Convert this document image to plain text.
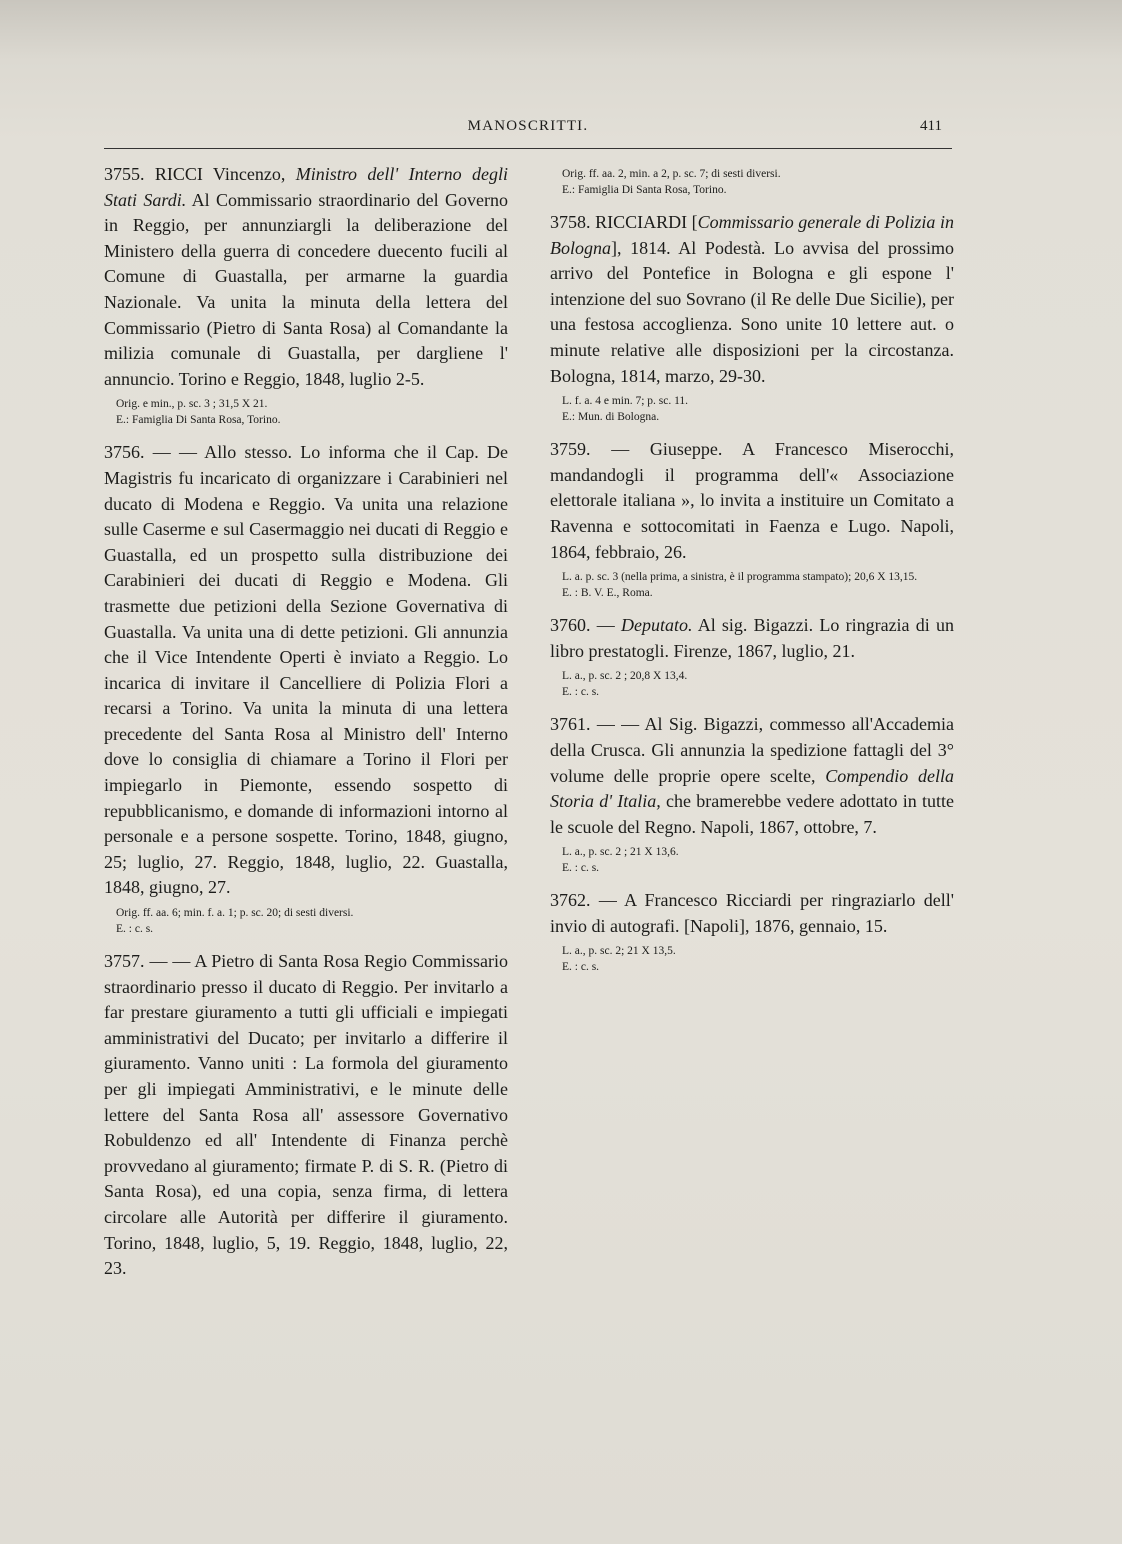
MANOSCRITTI.	411

3755. RICCI Vincenzo, Ministro dell' Interno degli Stati Sardi. Al Commissario straordinario del Governo in Reggio, per annunziargli la deliberazione del Ministero della guerra di concedere duecento fucili al Comune di Guastalla, per armarne la guardia Nazionale. Va unita la minuta della lettera del Commissario (Pietro di Santa Rosa) al Comandante la milizia comunale di Guastalla, per dargliene l' annuncio. Torino e Reggio, 1848, luglio 2-5.

Orig. e min., p. sc. 3 ; 31,5 X 21.
E.: Famiglia Di Santa Rosa, Torino.

3756. — — Allo stesso. Lo informa che il Cap. De Magistris fu incaricato di organizzare i Carabinieri nel ducato di Modena e Reggio. Va unita una relazione sulle Caserme e sul Casermaggio nei ducati di Reggio e Guastalla, ed un prospetto sulla distribuzione dei Carabinieri dei ducati di Reggio e Modena. Gli trasmette due petizioni della Sezione Governativa di Guastalla. Va unita una di dette petizioni. Gli annunzia che il Vice Intendente Operti è inviato a Reggio. Lo incarica di invitare il Cancelliere di Polizia Flori a recarsi a Torino. Va unita la minuta di una lettera precedente del Santa Rosa al Ministro dell' Interno dove lo consiglia di chiamare a Torino il Flori per impiegarlo in Piemonte, essendo sospetto di repubblicanismo, e domande di informazioni intorno al personale e a persone sospette. Torino, 1848, giugno, 25; luglio, 27. Reggio, 1848, luglio, 22. Guastalla, 1848, giugno, 27.

Orig. ff. aa. 6; min. f. a. 1; p. sc. 20; di sesti diversi.
E. : c. s.

3757. — — A Pietro di Santa Rosa Regio Commissario straordinario presso il ducato di Reggio. Per invitarlo a far prestare giuramento a tutti gli ufficiali e impiegati amministrativi del Ducato; per invitarlo a differire il giuramento. Vanno uniti : La formola del giuramento per gli impiegati Amministrativi, e le minute delle lettere del Santa Rosa all' assessore Governativo Robuldenzo ed all' Intendente di Finanza perchè provvedano al giuramento; firmate P. di S. R. (Pietro di Santa Rosa), ed una copia, senza firma, di lettera circolare alle Autorità per differire il giuramento. Torino, 1848, luglio, 5, 19. Reggio, 1848, luglio, 22, 23.

Orig. ff. aa. 2, min. a 2, p. sc. 7; di sesti diversi.
E.: Famiglia Di Santa Rosa, Torino.

3758. RICCIARDI [Commissario generale di Polizia in Bologna], 1814. Al Podestà. Lo avvisa del prossimo arrivo del Pontefice in Bologna e gli espone l' intenzione del suo Sovrano (il Re delle Due Sicilie), per una festosa accoglienza. Sono unite 10 lettere aut. o minute relative alle disposizioni per la circostanza. Bologna, 1814, marzo, 29-30.

L. f. a. 4 e min. 7; p. sc. 11.
E.: Mun. di Bologna.

3759. — Giuseppe. A Francesco Miserocchi, mandandogli il programma dell'« Associazione elettorale italiana », lo invita a instituire un Comitato a Ravenna e sottocomitati in Faenza e Lugo. Napoli, 1864, febbraio, 26.

L. a. p. sc. 3 (nella prima, a sinistra, è il programma stampato); 20,6 X 13,15.
E. : B. V. E., Roma.

3760. — Deputato. Al sig. Bigazzi. Lo ringrazia di un libro prestatogli. Firenze, 1867, luglio, 21.

L. a., p. sc. 2 ; 20,8 X 13,4.
E. : c. s.

3761. — — Al Sig. Bigazzi, commesso all'Accademia della Crusca. Gli annunzia la spedizione fattagli del 3° volume delle proprie opere scelte, Compendio della Storia d' Italia, che bramerebbe vedere adottato in tutte le scuole del Regno. Napoli, 1867, ottobre, 7.

L. a., p. sc. 2 ; 21 X 13,6.
E. : c. s.

3762. — A Francesco Ricciardi per ringraziarlo dell' invio di autografi. [Napoli], 1876, gennaio, 15.

L. a., p. sc. 2; 21 X 13,5.
E. : c. s.
